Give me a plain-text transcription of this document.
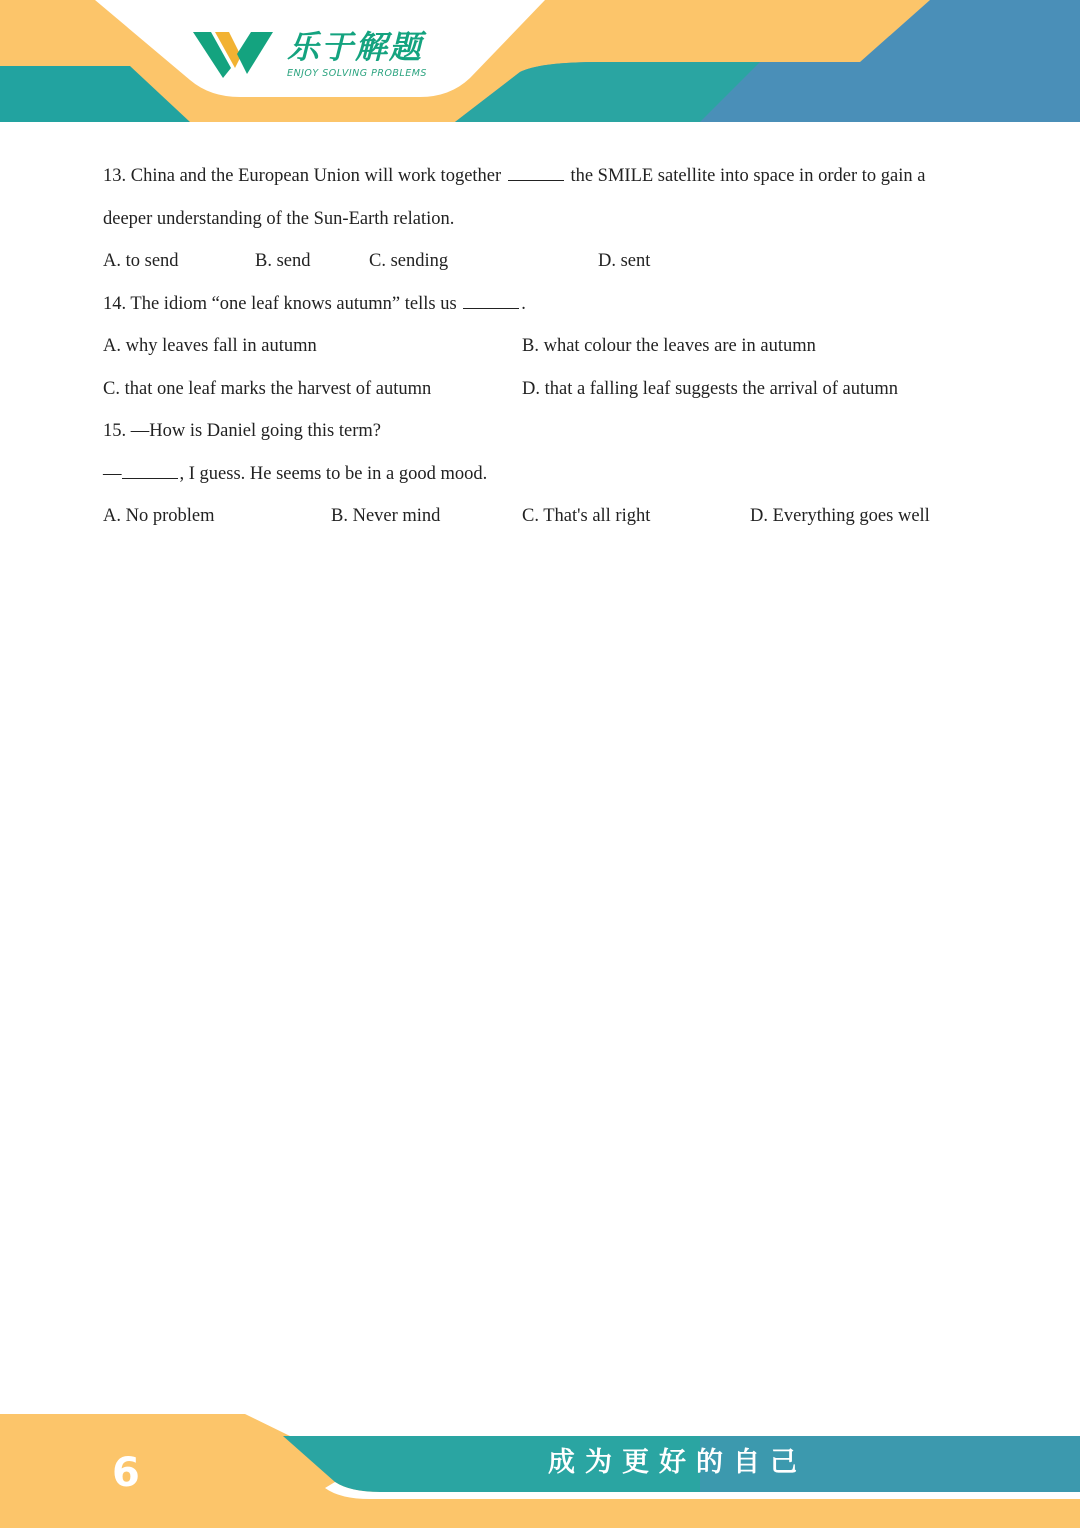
乐于解题
ENJOY SOLVING PROBLEMS
13. China and the European Union will work together	the SMILE satellite into space in order to gain a
deeper understanding of the Sun-Earth relation.
A. to send	B. send	C. sending	D. sent
14. The idiom “one leaf knows autumn” tells us	.
A. why leaves fall in autumn	B. what colour the leaves are in autumn
C. that one leaf marks the harvest of autumn	D. that a falling leaf suggests the arrival of autumn
15. —How is Daniel going this term?
—	, I guess. He seems to be in a good mood.
A. No problem	B. Never mind	C. That's all right	D. Everything goes well
6	成为更好的自己
